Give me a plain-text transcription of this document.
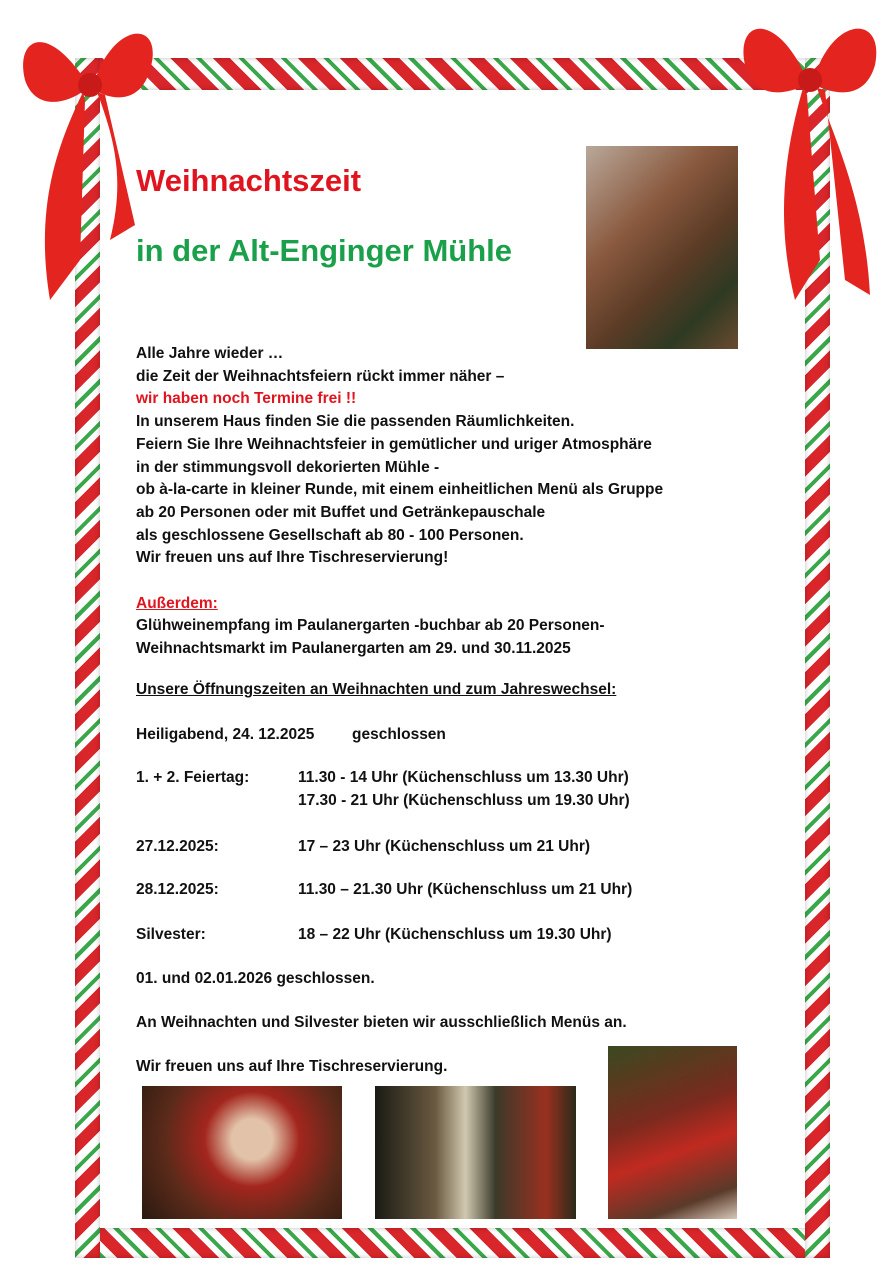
Weihnachtszeit
in der Alt-Enginger Mühle
Alle Jahre wieder …
die Zeit der Weihnachtsfeiern rückt immer näher –
wir haben noch Termine frei !!
In unserem Haus finden Sie die passenden Räumlichkeiten.
Feiern Sie Ihre Weihnachtsfeier in gemütlicher und uriger Atmosphäre
in der stimmungsvoll dekorierten Mühle -
ob à-la-carte in kleiner Runde, mit einem einheitlichen Menü als Gruppe
ab 20 Personen oder mit Buffet und Getränkepauschale
als geschlossene Gesellschaft ab 80 - 100 Personen.
Wir freuen uns auf Ihre Tischreservierung!
Außerdem:
Glühweinempfang im Paulanergarten -buchbar ab 20 Personen-
Weihnachtsmarkt im Paulanergarten am 29. und 30.11.2025
Unsere Öffnungszeiten an Weihnachten und zum Jahreswechsel:
Heiligabend, 24. 12.2025 geschlossen
1. + 2. Feiertag:	11.30 - 14 Uhr (Küchenschluss um 13.30 Uhr)
17.30 - 21 Uhr (Küchenschluss um 19.30 Uhr)
27.12.2025:	17 – 23 Uhr (Küchenschluss um 21 Uhr)
28.12.2025:	11.30 – 21.30 Uhr (Küchenschluss um 21 Uhr)
Silvester:	18 – 22 Uhr (Küchenschluss um 19.30 Uhr)
01. und 02.01.2026 geschlossen.
An Weihnachten und Silvester bieten wir ausschließlich Menüs an.
Wir freuen uns auf Ihre Tischreservierung.
